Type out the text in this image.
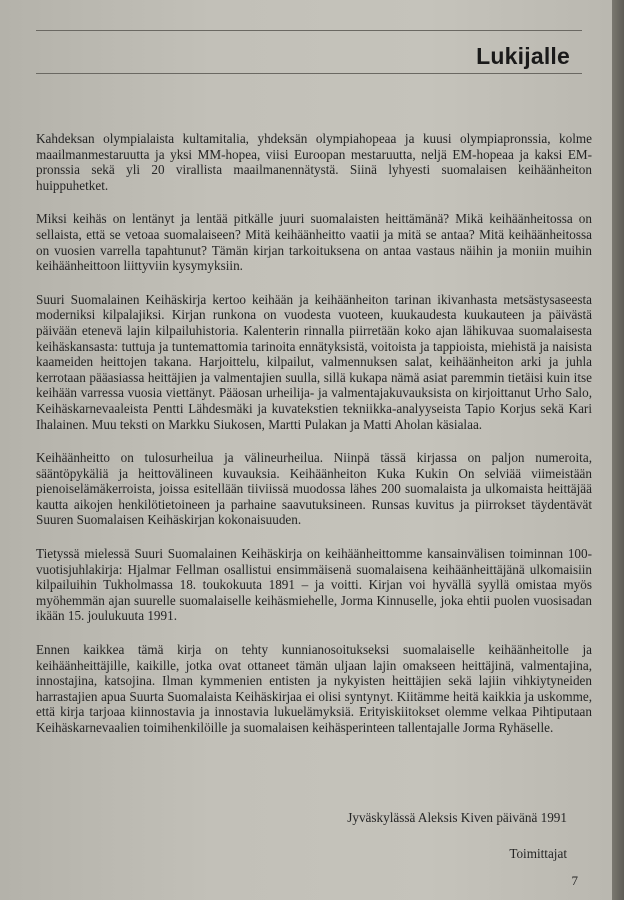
Lukijalle

Kahdeksan olympialaista kultamitalia, yhdeksän olympiahopeaa ja kuusi olympiapronssia, kolme maailmanmestaruutta ja yksi MM-hopea, viisi Euroopan mestaruutta, neljä EM-hopeaa ja kaksi EM-pronssia sekä yli 20 virallista maailmanennätystä. Siinä lyhyesti suomalaisen keihäänheiton huippuhetket.

Miksi keihäs on lentänyt ja lentää pitkälle juuri suomalaisten heittämänä? Mikä keihäänheitossa on sellaista, että se vetoaa suomalaiseen? Mitä keihäänheitto vaatii ja mitä se antaa? Mitä keihäänheitossa on vuosien varrella tapahtunut? Tämän kirjan tarkoituksena on antaa vastaus näihin ja moniin muihin keihäänheittoon liittyviin kysymyksiin.

Suuri Suomalainen Keihäskirja kertoo keihään ja keihäänheiton tarinan ikivanhasta metsästysaseesta moderniksi kilpalajiksi. Kirjan runkona on vuodesta vuoteen, kuukaudesta kuukauteen ja päivästä päivään etenevä lajin kilpailuhistoria. Kalenterin rinnalla piirretään koko ajan lähikuvaa suomalaisesta keihäskansasta: tuttuja ja tuntemattomia tarinoita ennätyksistä, voitoista ja tappioista, miehistä ja naisista kaameiden heittojen takana. Harjoittelu, kilpailut, valmennuksen salat, keihäänheiton arki ja juhla kerrotaan pääasiassa heittäjien ja valmentajien suulla, sillä kukapa nämä asiat paremmin tietäisi kuin itse keihään varressa vuosia viettänyt. Pääosan urheilija- ja valmentajakuvauksista on kirjoittanut Urho Salo, Keihäskarnevaaleista Pentti Lähdesmäki ja kuvatekstien tekniikka-analyyseista Tapio Korjus sekä Kari Ihalainen. Muu teksti on Markku Siukosen, Martti Pulakan ja Matti Aholan käsialaa.

Keihäänheitto on tulosurheilua ja välineurheilua. Niinpä tässä kirjassa on paljon numeroita, sääntöpykäliä ja heittovälineen kuvauksia. Keihäänheiton Kuka Kukin On selviää viimeistään pienoiselämäkerroista, joissa esitellään tiiviissä muodossa lähes 200 suomalaista ja ulkomaista heittäjää kautta aikojen henkilötietoineen ja parhaine saavutuksineen. Runsas kuvitus ja piirrokset täydentävät Suuren Suomalaisen Keihäskirjan kokonaisuuden.

Tietyssä mielessä Suuri Suomalainen Keihäskirja on keihäänheittomme kansainvälisen toiminnan 100-vuotisjuhlakirja: Hjalmar Fellman osallistui ensimmäisenä suomalaisena keihäänheittäjänä ulkomaisiin kilpailuihin Tukholmassa 18. toukokuuta 1891 – ja voitti. Kirjan voi hyvällä syyllä omistaa myös myöhemmän ajan suurelle suomalaiselle keihäsmiehelle, Jorma Kinnuselle, joka ehtii puolen vuosisadan ikään 15. joulukuuta 1991.

Ennen kaikkea tämä kirja on tehty kunnianosoitukseksi suomalaiselle keihäänheitolle ja keihäänheittäjille, kaikille, jotka ovat ottaneet tämän uljaan lajin omakseen heittäjinä, valmentajina, innostajina, katsojina. Ilman kymmenien entisten ja nykyisten heittäjien sekä lajiin vihkiytyneiden harrastajien apua Suurta Suomalaista Keihäskirjaa ei olisi syntynyt. Kiitämme heitä kaikkia ja uskomme, että kirja tarjoaa kiinnostavia ja innostavia lukuelämyksiä. Erityiskiitokset olemme velkaa Pihtiputaan Keihäskarnevaalien toimihenkilöille ja suomalaisen keihäsperinteen tallentajalle Jorma Ryhäselle.

Jyväskylässä Aleksis Kiven päivänä 1991

Toimittajat

7
